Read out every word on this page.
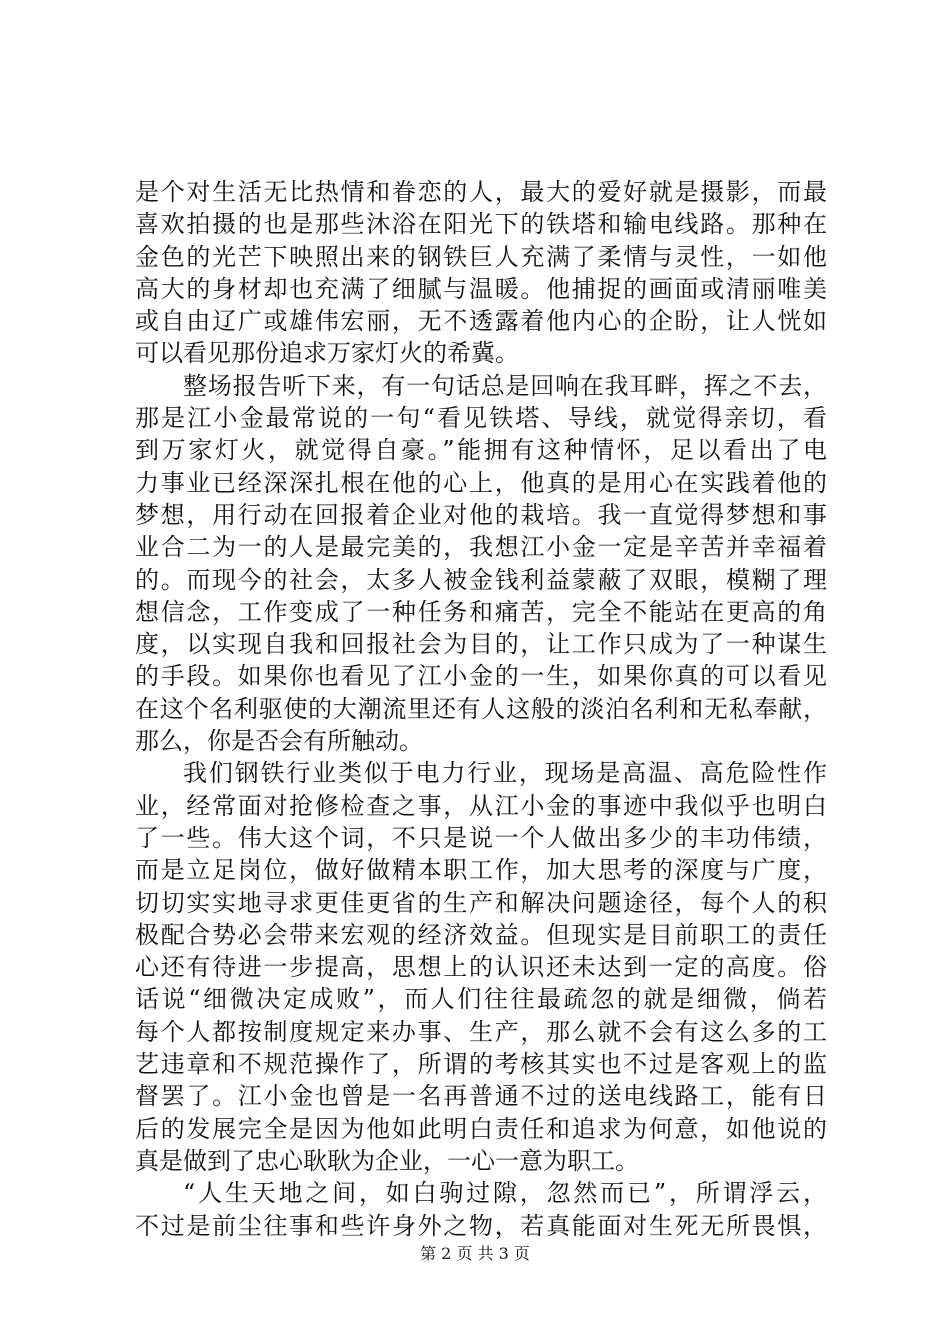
是个对生活无比热情和眷恋的人，最大的爱好就是摄影，而最
喜欢拍摄的也是那些沐浴在阳光下的铁塔和输电线路。那种在
金色的光芒下映照出来的钢铁巨人充满了柔情与灵性，一如他
高大的身材却也充满了细腻与温暖。他捕捉的画面或清丽唯美
或自由辽广或雄伟宏丽，无不透露着他内心的企盼，让人恍如
可以看见那份追求万家灯火的希冀。
整场报告听下来，有一句话总是回响在我耳畔，挥之不去，
那是江小金最常说的一句“看见铁塔、导线，就觉得亲切，看
到万家灯火，就觉得自豪。”能拥有这种情怀，足以看出了电
力事业已经深深扎根在他的心上，他真的是用心在实践着他的
梦想，用行动在回报着企业对他的栽培。我一直觉得梦想和事
业合二为一的人是最完美的，我想江小金一定是辛苦并幸福着
的。而现今的社会，太多人被金钱利益蒙蔽了双眼，模糊了理
想信念，工作变成了一种任务和痛苦，完全不能站在更高的角
度，以实现自我和回报社会为目的，让工作只成为了一种谋生
的手段。如果你也看见了江小金的一生，如果你真的可以看见
在这个名利驱使的大潮流里还有人这般的淡泊名利和无私奉献，
那么，你是否会有所触动。
我们钢铁行业类似于电力行业，现场是高温、高危险性作
业，经常面对抢修检查之事，从江小金的事迹中我似乎也明白
了一些。伟大这个词，不只是说一个人做出多少的丰功伟绩，
而是立足岗位，做好做精本职工作，加大思考的深度与广度，
切切实实地寻求更佳更省的生产和解决问题途径，每个人的积
极配合势必会带来宏观的经济效益。但现实是目前职工的责任
心还有待进一步提高，思想上的认识还未达到一定的高度。俗
话说“细微决定成败”，而人们往往最疏忽的就是细微，倘若
每个人都按制度规定来办事、生产，那么就不会有这么多的工
艺违章和不规范操作了，所谓的考核其实也不过是客观上的监
督罢了。江小金也曾是一名再普通不过的送电线路工，能有日
后的发展完全是因为他如此明白责任和追求为何意，如他说的
真是做到了忠心耿耿为企业，一心一意为职工。
“人生天地之间，如白驹过隙，忽然而已”，所谓浮云，
不过是前尘往事和些许身外之物，若真能面对生死无所畏惧，
第 2 页 共 3 页
